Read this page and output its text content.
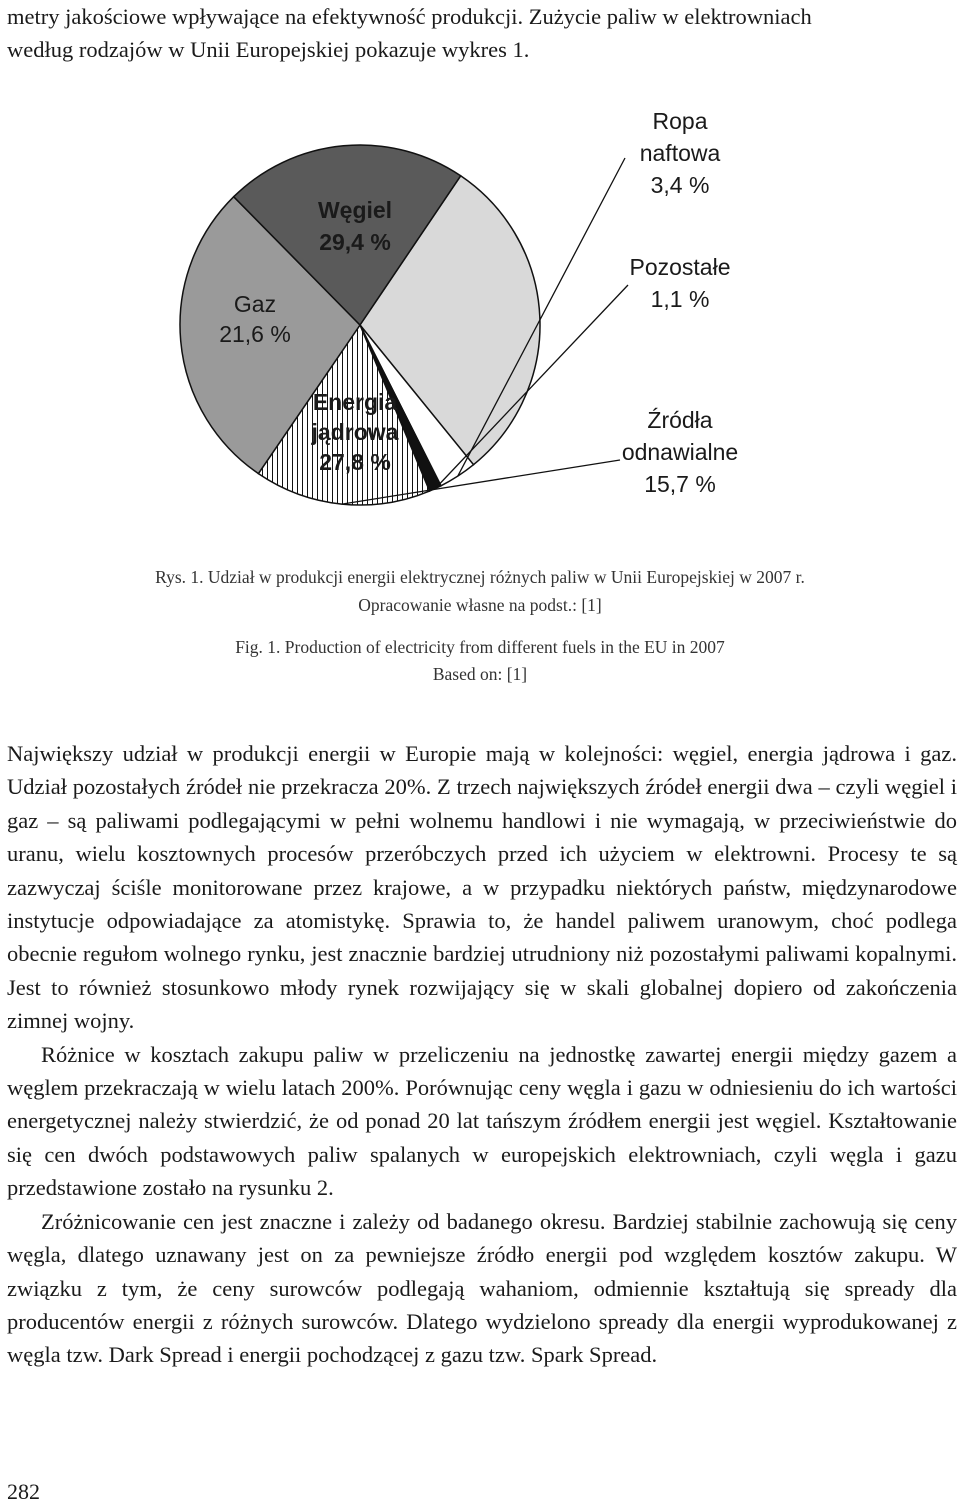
metry jakościowe wpływające na efektywność produkcji. Zużycie paliw w elektrowniach
według rodzajów w Unii Europejskiej pokazuje wykres 1.

Węgiel 29,4 %
Ropa naftowa 3,4 %
Pozostałe 1,1 %
Źródła odnawialne 15,7 %
Energia jądrowa 27,8 %
Gaz 21,6 %

Rys. 1. Udział w produkcji energii elektrycznej różnych paliw w Unii Europejskiej w 2007 r.

Opracowanie własne na podst.: [1]

Fig. 1. Production of electricity from different fuels in the EU in 2007

Based on: [1]

Największy udział w produkcji energii w Europie mają w kolejności: węgiel, energia jądrowa i gaz. Udział pozostałych źródeł nie przekracza 20%. Z trzech największych źródeł energii dwa – czyli węgiel i gaz – są paliwami podlegającymi w pełni wolnemu handlowi i nie wymagają, w przeciwieństwie do uranu, wielu kosztownych procesów przeróbczych przed ich użyciem w elektrowni. Procesy te są zazwyczaj ściśle monitorowane przez krajowe, a w przypadku niektórych państw, międzynarodowe instytucje odpowiadające za atomistykę. Sprawia to, że handel paliwem uranowym, choć podlega obecnie regułom wolnego rynku, jest znacznie bardziej utrudniony niż pozostałymi paliwami kopalnymi. Jest to również stosunkowo młody rynek rozwijający się w skali globalnej dopiero od zakończenia zimnej wojny.

Różnice w kosztach zakupu paliw w przeliczeniu na jednostkę zawartej energii między gazem a węglem przekraczają w wielu latach 200%. Porównując ceny węgla i gazu w odniesieniu do ich wartości energetycznej należy stwierdzić, że od ponad 20 lat tańszym źródłem energii jest węgiel. Kształtowanie się cen dwóch podstawowych paliw spalanych w europejskich elektrowniach, czyli węgla i gazu przedstawione zostało na rysunku 2.

Zróżnicowanie cen jest znaczne i zależy od badanego okresu. Bardziej stabilnie zachowują się ceny węgla, dlatego uznawany jest on za pewniejsze źródło energii pod względem kosztów zakupu. W związku z tym, że ceny surowców podlegają wahaniom, odmiennie kształtują się spready dla producentów energii z różnych surowców. Dlatego wydzielono spready dla energii wyprodukowanej z węgla tzw. Dark Spread i energii pochodzącej z gazu tzw. Spark Spread.

282
